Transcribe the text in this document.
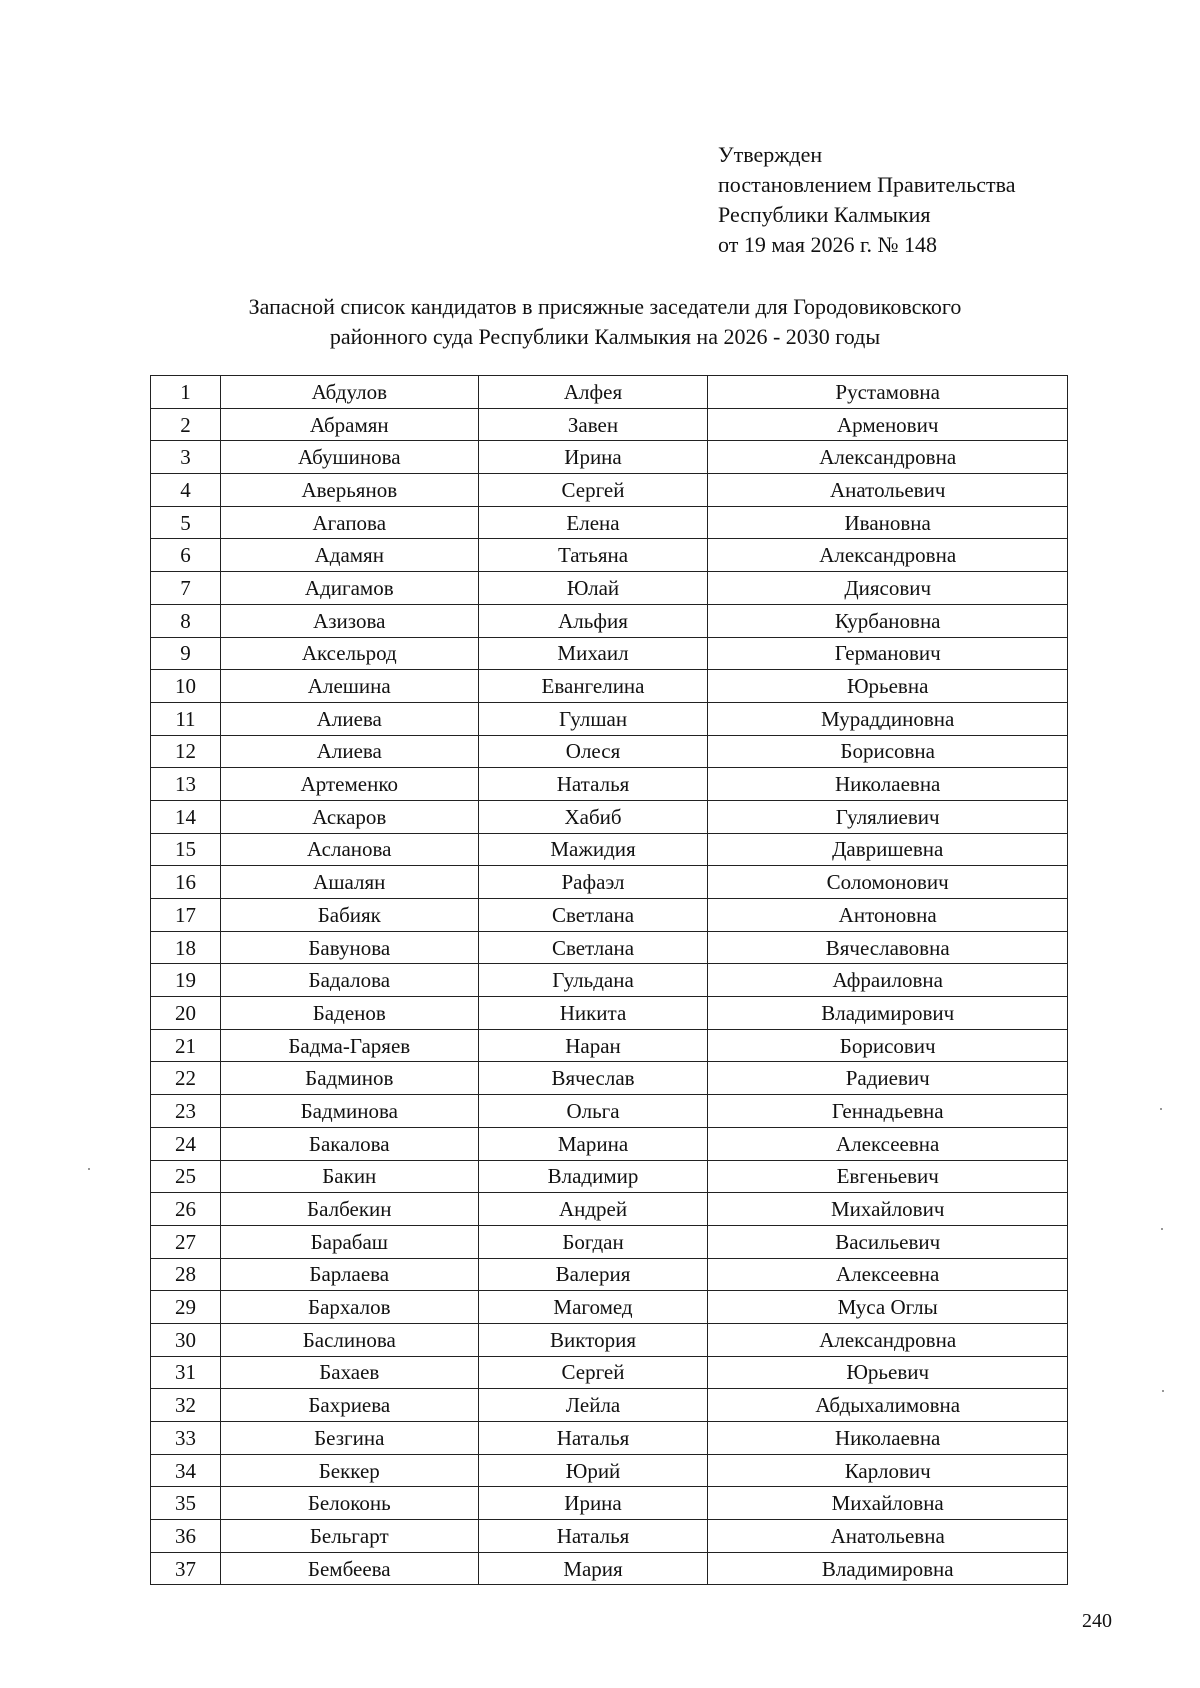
Утвержден
постановлением Правительства
Республики Калмыкия
от 19 мая 2026 г. № 148
Запасной список кандидатов в присяжные заседатели для Городовиковского
районного суда Республики Калмыкия на 2026 - 2030 годы
1	Абдулов	Алфея	Рустамовна
2	Абрамян	Завен	Арменович
3	Абушинова	Ирина	Александровна
4	Аверьянов	Сергей	Анатольевич
5	Агапова	Елена	Ивановна
6	Адамян	Татьяна	Александровна
7	Адигамов	Юлай	Диясович
8	Азизова	Альфия	Курбановна
9	Аксельрод	Михаил	Германович
10	Алешина	Евангелина	Юрьевна
11	Алиева	Гулшан	Мураддиновна
12	Алиева	Олеся	Борисовна
13	Артеменко	Наталья	Николаевна
14	Аскаров	Хабиб	Гулялиевич
15	Асланова	Мажидия	Давришевна
16	Ашалян	Рафаэл	Соломонович
17	Бабияк	Светлана	Антоновна
18	Бавунова	Светлана	Вячеславовна
19	Бадалова	Гульдана	Афраиловна
20	Баденов	Никита	Владимирович
21	Бадма-Гаряев	Наран	Борисович
22	Бадминов	Вячеслав	Радиевич
23	Бадминова	Ольга	Геннадьевна
24	Бакалова	Марина	Алексеевна
25	Бакин	Владимир	Евгеньевич
26	Балбекин	Андрей	Михайлович
27	Барабаш	Богдан	Васильевич
28	Барлаева	Валерия	Алексеевна
29	Бархалов	Магомед	Муса Оглы
30	Баслинова	Виктория	Александровна
31	Бахаев	Сергей	Юрьевич
32	Бахриева	Лейла	Абдыхалимовна
33	Безгина	Наталья	Николаевна
34	Беккер	Юрий	Карлович
35	Белоконь	Ирина	Михайловна
36	Бельгарт	Наталья	Анатольевна
37	Бембеева	Мария	Владимировна
240
